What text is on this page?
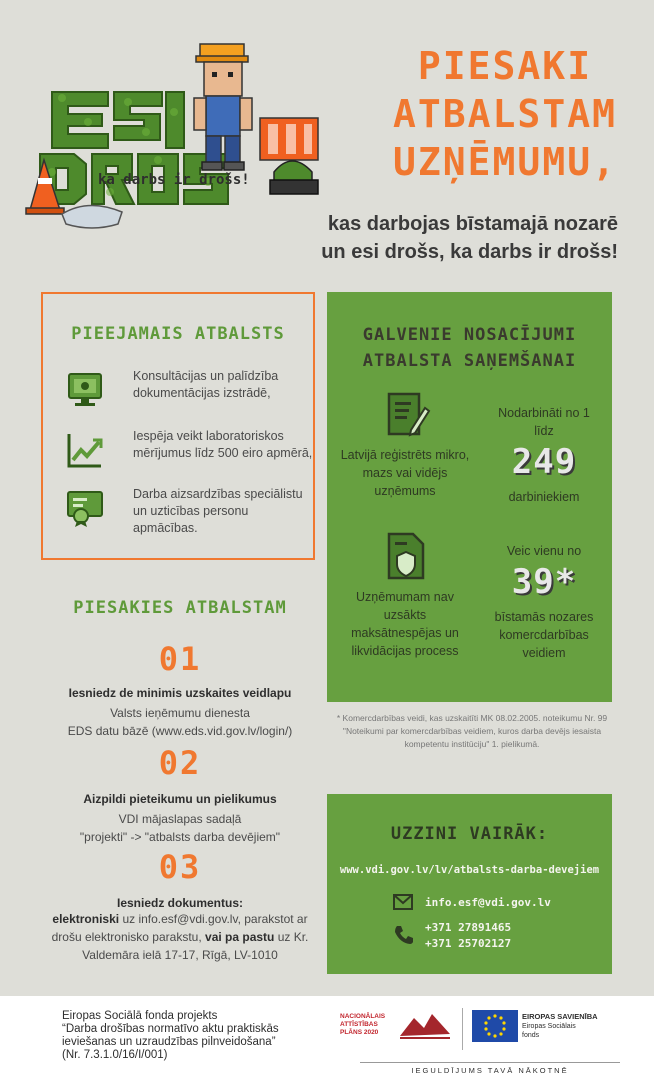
ka darbs ir drošs!
PIESAKI
ATBALSTAM
UZŅĒMUMU,
kas darbojas bīstamajā nozarē
un esi drošs, ka darbs ir drošs!
PIEEJAMAIS ATBALSTS
Konsultācijas un palīdzība dokumentācijas izstrādē,
Iespēja veikt laboratoriskos mērījumus līdz 500 eiro apmērā,
Darba aizsardzības speciālistu un uzticības personu apmācības.
GALVENIE NOSACĪJUMI
ATBALSTA SAŅEMŠANAI
Latvijā reģistrēts mikro, mazs vai vidējs uzņēmums
Nodarbināti no 1 līdz
249
darbiniekiem
Uzņēmumam nav uzsākts maksātnespējas un likvidācijas process
Veic vienu no
39*
bīstamās nozares komercdarbības veidiem
* Komercdarbības veidi, kas uzskaitīti MK 08.02.2005. noteikumu Nr. 99 "Noteikumi par komercdarbības veidiem, kuros darba devējs iesaista kompetentu institūciju" 1. pielikumā.
PIESAKIES ATBALSTAM
01
Iesniedz de minimis uzskaites veidlapu
Valsts ieņēmumu dienesta
EDS datu bāzē (www.eds.vid.gov.lv/login/)
02
Aizpildi pieteikumu un pielikumus
VDI mājaslapas sadaļā
"projekti" -> "atbalsts darba devējiem"
03
Iesniedz dokumentus:
elektroniski uz info.esf@vdi.gov.lv, parakstot ar drošu elektronisko parakstu, vai pa pastu uz Kr. Valdemāra ielā 17-17, Rīgā, LV-1010
UZZINI VAIRĀK:
www.vdi.gov.lv/lv/atbalsts-darba-devejiem
info.esf@vdi.gov.lv
+371 27891465
+371 25702127
Eiropas Sociālā fonda projekts
“Darba drošības normatīvo aktu praktiskās
ieviešanas un uzraudzības pilnveidošana”
(Nr. 7.3.1.0/16/I/001)
NACIONĀLAIS
ATTĪSTĪBAS
PLĀNS 2020
EIROPAS SAVIENĪBA
Eiropas Sociālais
fonds
IEGULDĪJUMS TAVĀ NĀKOTNĒ
